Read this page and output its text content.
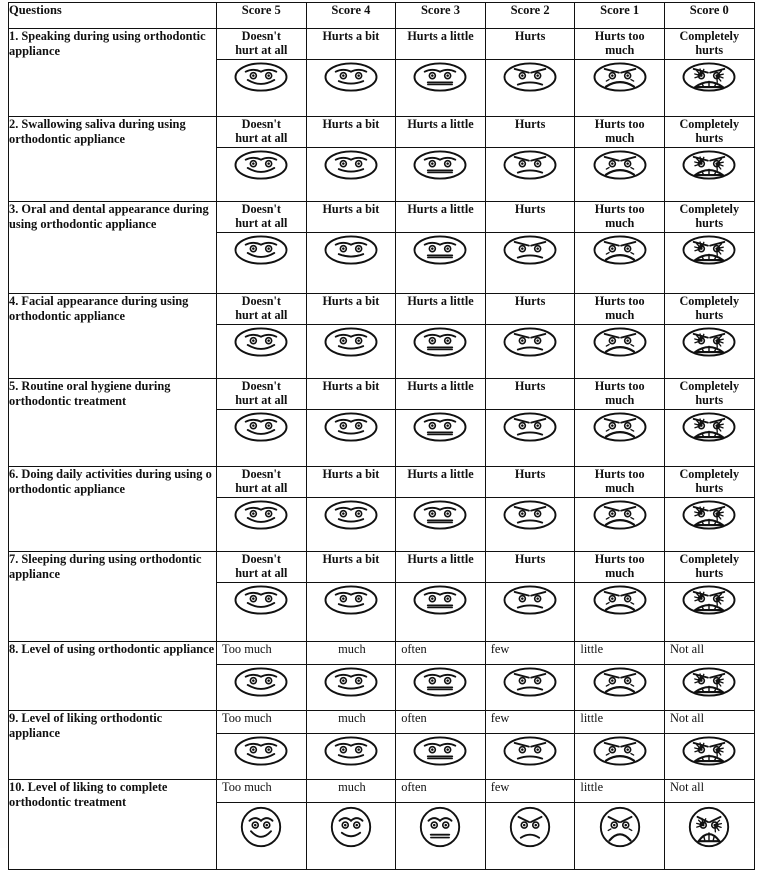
Questions	Score 5	Score 4	Score 3	Score 2	Score 1	Score 0
1. Speaking during using orthodontic appliance	Doesn't
hurt at all	Hurts a bit	Hurts a little	Hurts	Hurts too
much	Completely
hurts

2. Swallowing saliva during using orthodontic appliance	Doesn't
hurt at all	Hurts a bit	Hurts a little	Hurts	Hurts too
much	Completely
hurts

3. Oral and dental appearance during using orthodontic appliance	Doesn't
hurt at all	Hurts a bit	Hurts a little	Hurts	Hurts too
much	Completely
hurts

4. Facial appearance during using orthodontic appliance	Doesn't
hurt at all	Hurts a bit	Hurts a little	Hurts	Hurts too
much	Completely
hurts

5. Routine oral hygiene during orthodontic treatment	Doesn't
hurt at all	Hurts a bit	Hurts a little	Hurts	Hurts too
much	Completely
hurts

6. Doing daily activities during using o orthodontic appliance	Doesn't
hurt at all	Hurts a bit	Hurts a little	Hurts	Hurts too
much	Completely
hurts

7. Sleeping during using orthodontic appliance	Doesn't
hurt at all	Hurts a bit	Hurts a little	Hurts	Hurts too
much	Completely
hurts

8. Level of using orthodontic appliance	Too much	much	often	few	little	Not all

9. Level of liking orthodontic appliance	Too much	much	often	few	little	Not all

10. Level of liking to complete orthodontic treatment	Too much	much	often	few	little	Not all
